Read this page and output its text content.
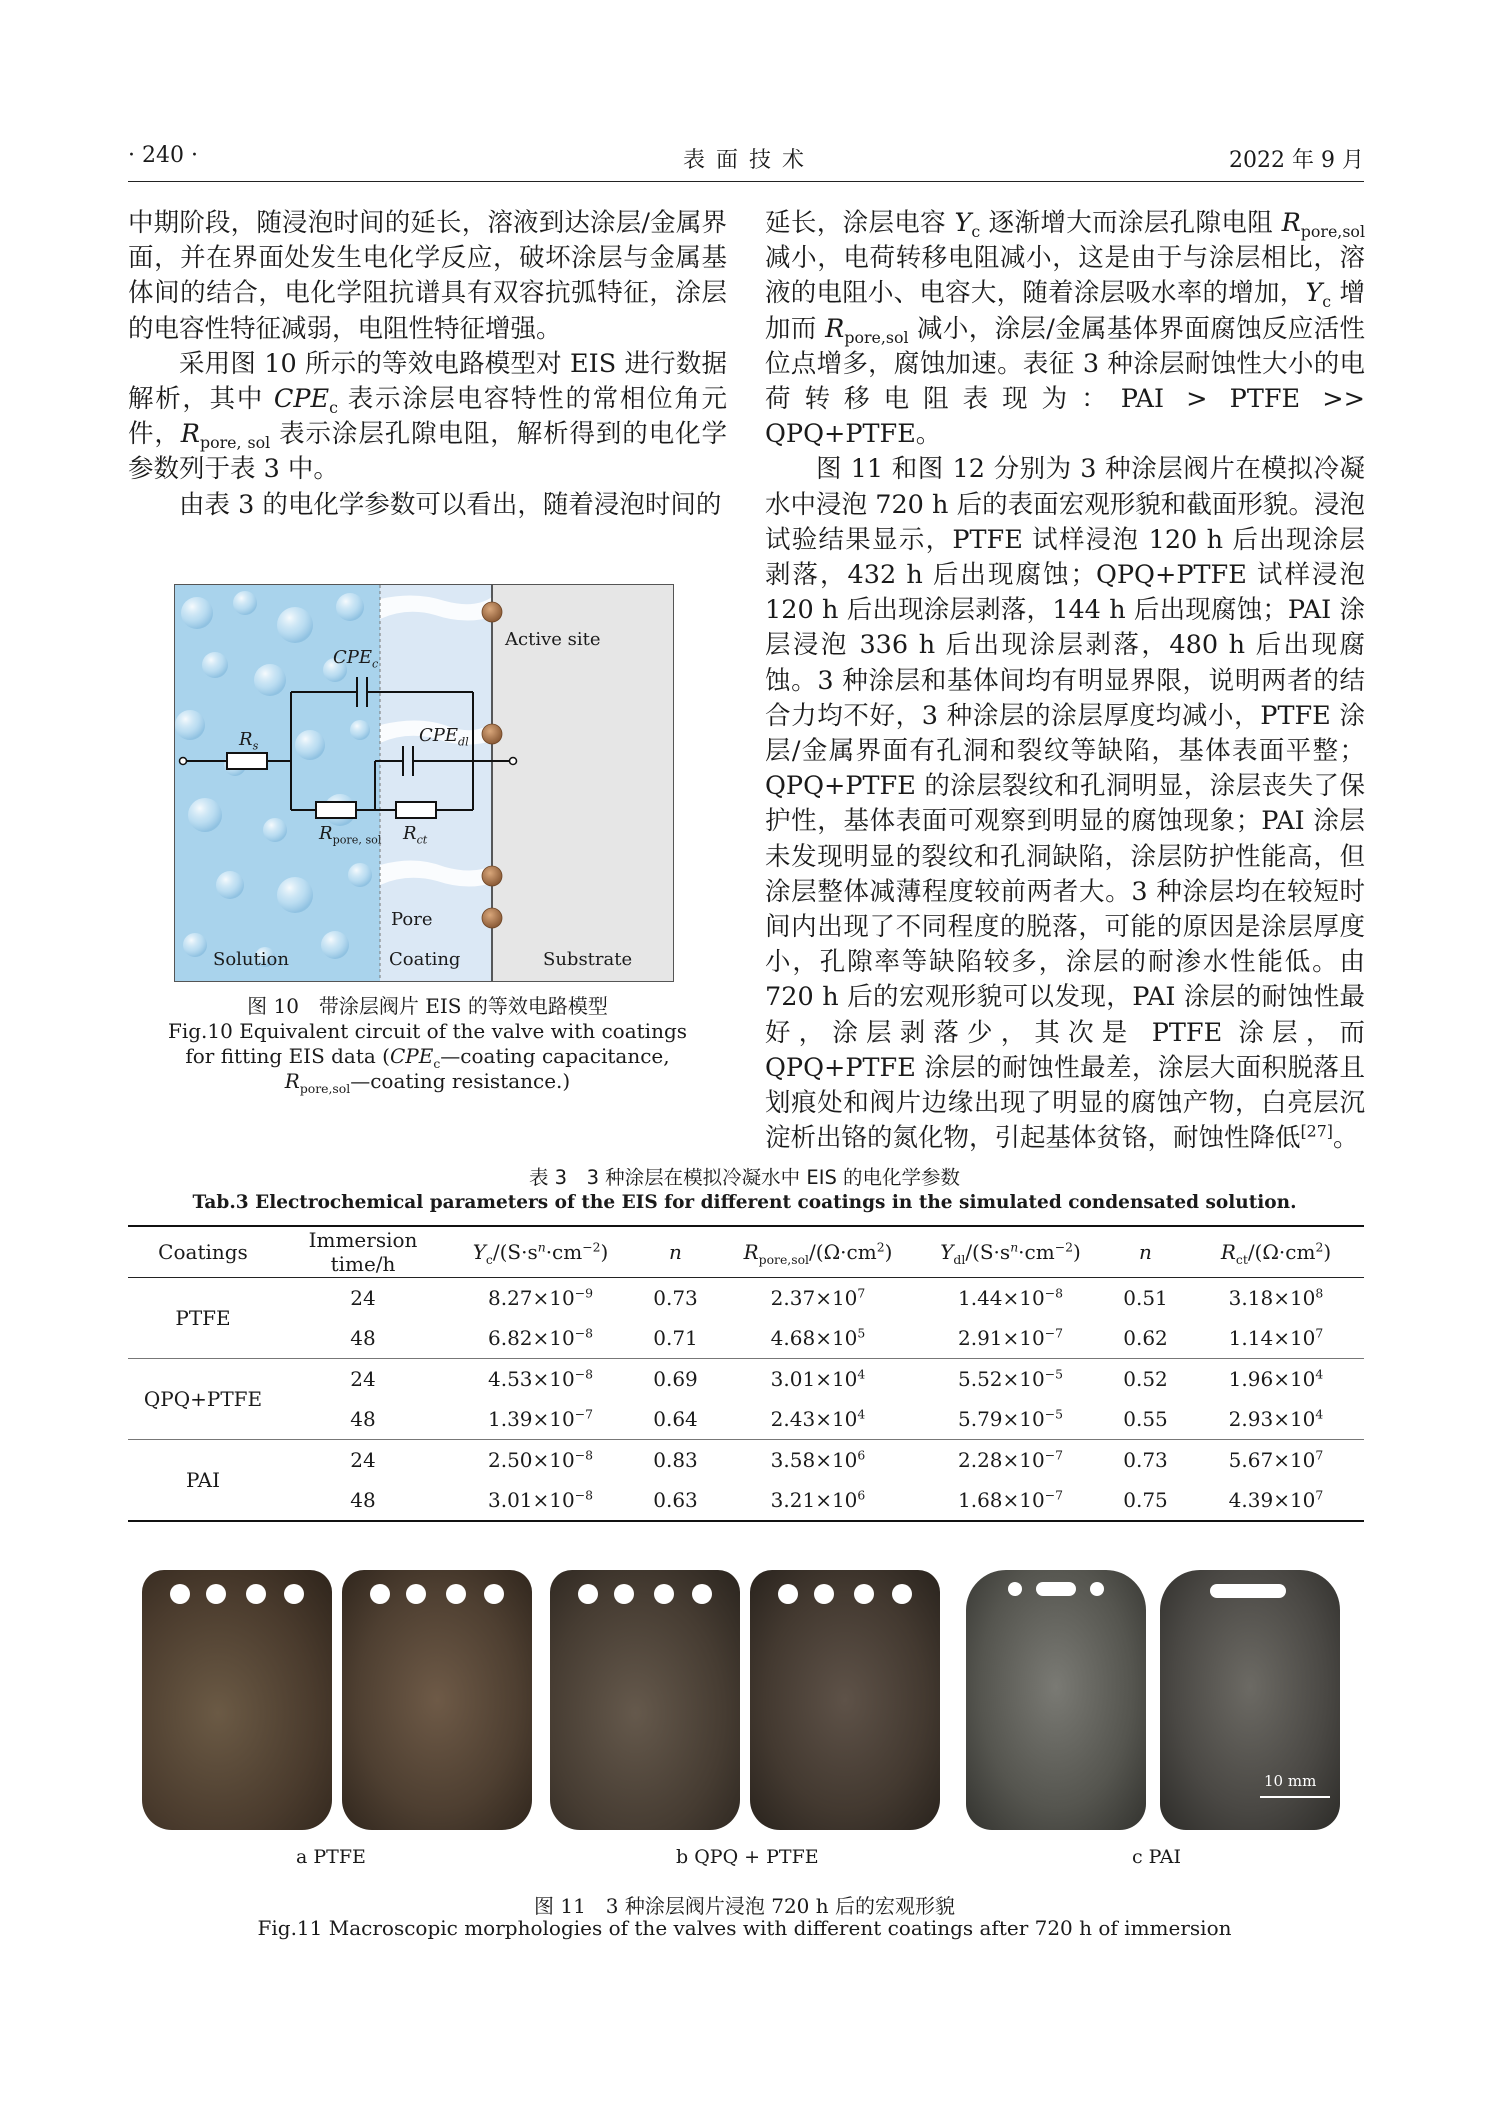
· 240 ·	表 面 技 术	2022 年 9 月

中期阶段，随浸泡时间的延长，溶液到达涂层/金属界面，并在界面处发生电化学反应，破坏涂层与金属基体间的结合，电化学阻抗谱具有双容抗弧特征，涂层的电容性特征减弱，电阻性特征增强。

采用图 10 所示的等效电路模型对 EIS 进行数据解析，其中 $CPE_c$ 表示涂层电容特性的常相位角元件，$R_{pore, sol}$ 表示涂层孔隙电阻，解析得到的电化学参数列于表 3 中。

由表 3 的电化学参数可以看出，随着浸泡时间的

$CPE_c$
Active site
$R_s$
$CPE_{dl}$
$R_{pore, sol}$ $R_{ct}$
Pore
Solution	Coating	Substrate
图 10　带涂层阀片 EIS 的等效电路模型
Fig.10 Equivalent circuit of the valve with coatings
for fitting EIS data ($CPE_c—coating$ capacitance,
$R_{pore,sol}—coating$ resistance.)

延长，涂层电容 $Y_c$ 逐渐增大而涂层孔隙电阻 $R_{pore,sol}$ 减小，电荷转移电阻减小，这是由于与涂层相比，溶液的电阻小、电容大，随着涂层吸水率的增加，$Y_c$ 增加而 $R_{pore,sol}$ 减小，涂层/金属基体界面腐蚀反应活性位点增多，腐蚀加速。表征 3 种涂层耐蚀性大小的电荷转移电阻表现为：PAI > PTFE >> QPQ+PTFE。

图 11 和图 12 分别为 3 种涂层阀片在模拟冷凝水中浸泡 720 h 后的表面宏观形貌和截面形貌。浸泡试验结果显示，PTFE 试样浸泡 120 h 后出现涂层剥落，432 h 后出现腐蚀；QPQ+PTFE 试样浸泡 120 h 后出现涂层剥落，144 h 后出现腐蚀；PAI 涂层浸泡 336 h 后出现涂层剥落，480 h 后出现腐蚀。3 种涂层和基体间均有明显界限，说明两者的结合力均不好，3 种涂层的涂层厚度均减小，PTFE 涂层/金属界面有孔洞和裂纹等缺陷，基体表面平整；QPQ+PTFE 的涂层裂纹和孔洞明显，涂层丧失了保护性，基体表面可观察到明显的腐蚀现象；PAI 涂层未发现明显的裂纹和孔洞缺陷，涂层防护性能高，但涂层整体减薄程度较前两者大。3 种涂层均在较短时间内出现了不同程度的脱落，可能的原因是涂层厚度小，孔隙率等缺陷较多，涂层的耐渗水性能低。由 720 h 后的宏观形貌可以发现，PAI 涂层的耐蚀性最好，涂层剥落少，其次是 PTFE 涂层，而 QPQ+PTFE 涂层的耐蚀性最差，涂层大面积脱落且划痕处和阀片边缘出现了明显的腐蚀产物，白亮层沉淀析出铬的氮化物，引起基体贫铬，耐蚀性降低[27]。

表 3　3 种涂层在模拟冷凝水中 EIS 的电化学参数
Tab.3 Electrochemical parameters of the EIS for different coatings in the simulated condensated solution.
Coatings	Immersion time/h	$Y_c/(S\cdot s^n\cdot cm^{-2})$	n	$R_{pore,sol}/(\Omega\cdot cm^2)$	$Y_{dl}/(S\cdot s^n\cdot cm^{-2})$	n	$R_{ct}/(\Omega\cdot cm^2)$
PTFE	24	$8.27\times 10^{-9}$	0.73	$2.37\times 10^7$	$1.44\times 10^{-8}$	0.51	$3.18\times 10^8$
	48	$6.82\times 10^{-8}$	0.71	$4.68\times 10^5$	$2.91\times 10^{-7}$	0.62	$1.14\times 10^7$
QPQ+PTFE	24	$4.53\times 10^{-8}$	0.69	$3.01\times 10^4$	$5.52\times 10^{-5}$	0.52	$1.96\times 10^4$
	48	$1.39\times 10^{-7}$	0.64	$2.43\times 10^4$	$5.79\times 10^{-5}$	0.55	$2.93\times 10^4$
PAI	24	$2.50\times 10^{-8}$	0.83	$3.58\times 10^6$	$2.28\times 10^{-7}$	0.73	$5.67\times 10^7$
	48	$3.01\times 10^{-8}$	0.63	$3.21\times 10^6$	$1.68\times 10^{-7}$	0.75	$4.39\times 10^7$
10 mm
a PTFE	b QPQ + PTFE	c PAI
图 11　3 种涂层阀片浸泡 720 h 后的宏观形貌
Fig.11 Macroscopic morphologies of the valves with different coatings after 720 h of immersion
